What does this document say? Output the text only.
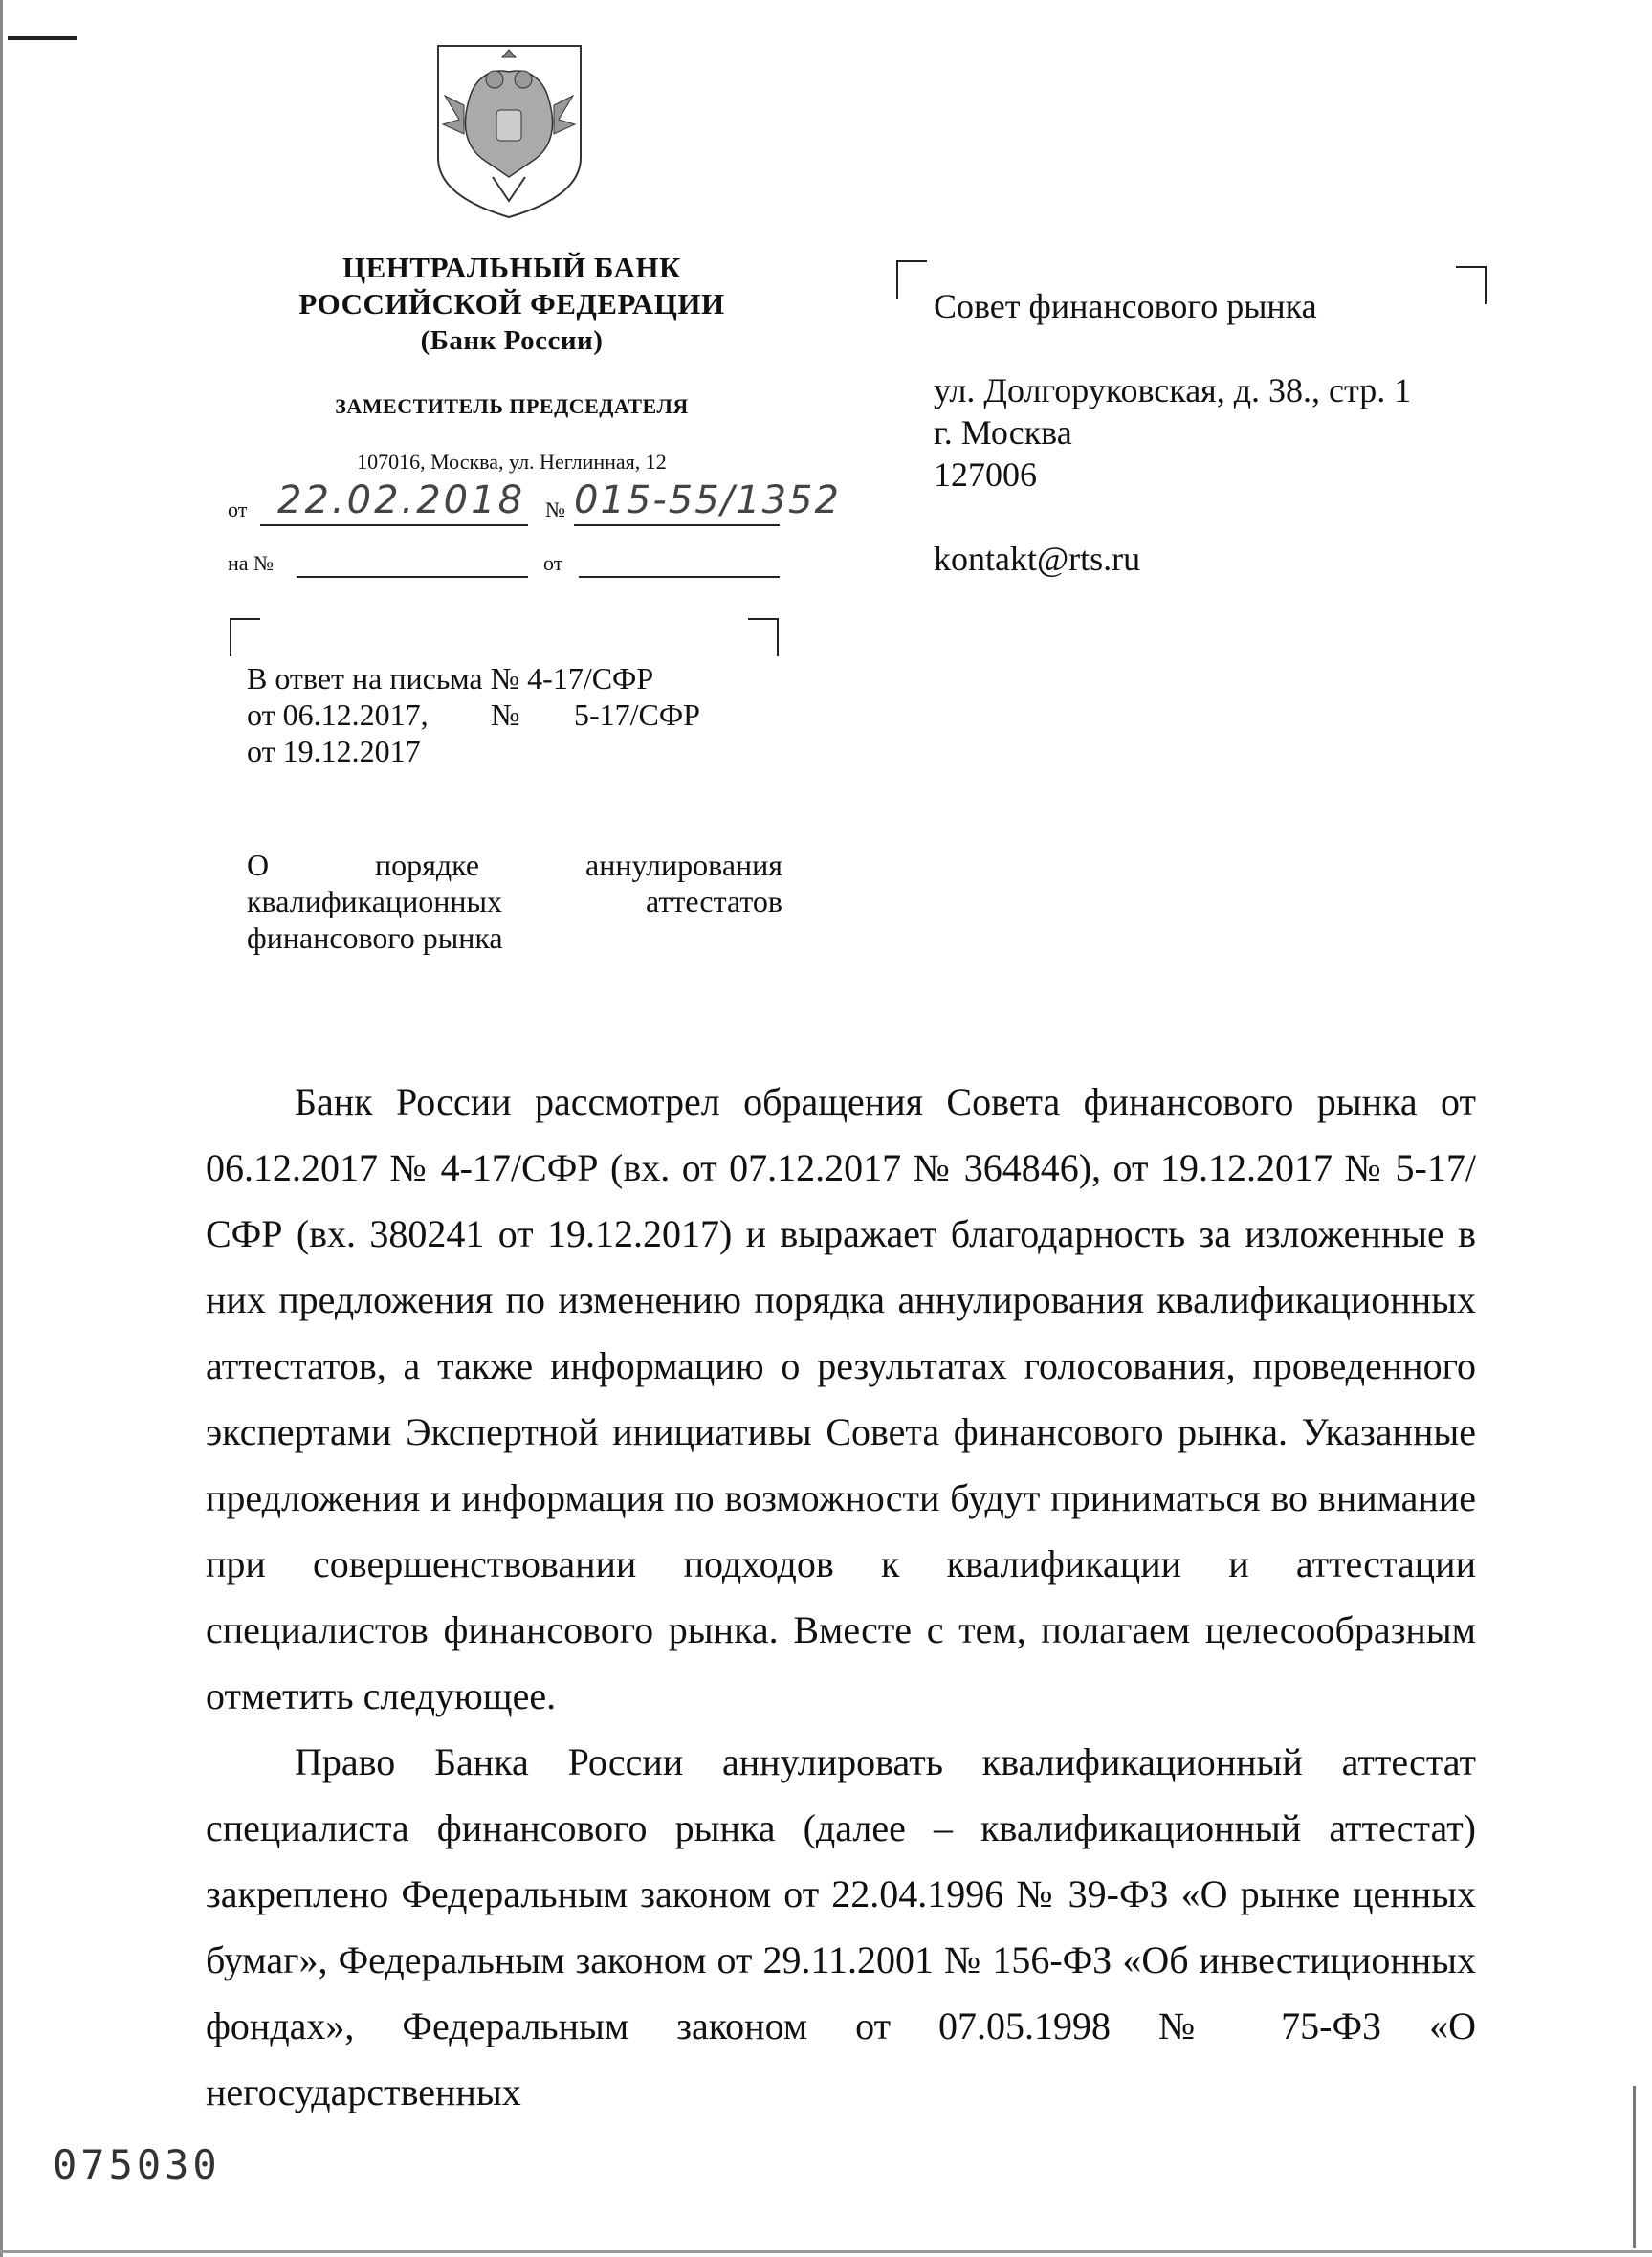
ЦЕНТРАЛЬНЫЙ БАНК
РОССИЙСКОЙ ФЕДЕРАЦИИ
(Банк России)
ЗАМЕСТИТЕЛЬ ПРЕДСЕДАТЕЛЯ
107016, Москва, ул. Неглинная, 12
от 22.02.2018 № 015-55/1352
на №	от
В ответ на письма № 4-17/СФР
от 06.12.2017,	№	5-17/СФР
от 19.12.2017
О	порядке	аннулирования
квалификационных	аттестатов
финансового рынка
Совет финансового рынка
ул. Долгоруковская, д. 38., стр. 1
г. Москва
127006
kontakt@rts.ru

Банк России рассмотрел обращения Совета финансового рынка от 06.12.2017 № 4-17/СФР (вх. от 07.12.2017 № 364846), от 19.12.2017 № 5-17/СФР (вх. 380241 от 19.12.2017) и выражает благодарность за изложенные в них предложения по изменению порядка аннулирования квалификационных аттестатов, а также информацию о результатах голосования, проведенного экспертами Экспертной инициативы Совета финансового рынка. Указанные предложения и информация по возможности будут приниматься во внимание при совершенствовании подходов к квалификации и аттестации специалистов финансового рынка. Вместе с тем, полагаем целесообразным отметить следующее.

Право Банка России аннулировать квалификационный аттестат специалиста финансового рынка (далее – квалификационный аттестат) закреплено Федеральным законом от 22.04.1996 № 39-ФЗ «О рынке ценных бумаг», Федеральным законом от 29.11.2001 № 156-ФЗ «Об инвестиционных фондах», Федеральным законом от 07.05.1998 № 75-ФЗ «О негосударственных

075030
